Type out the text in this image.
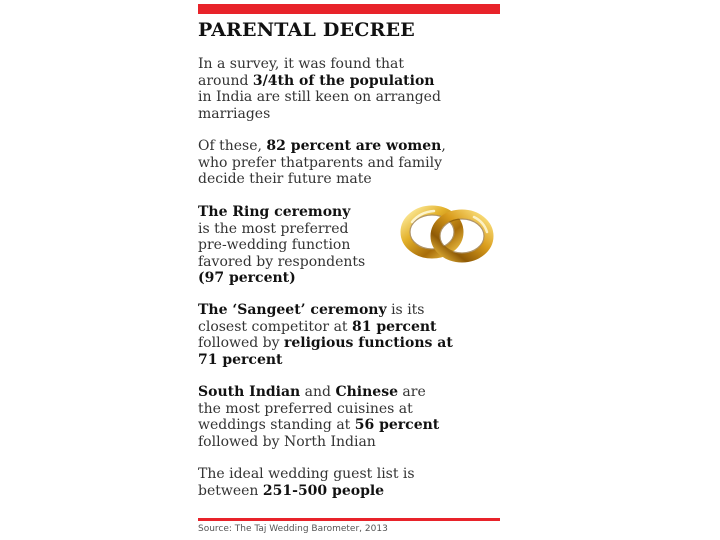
PARENTAL DECREE
In a survey, it was found that
around 3/4th of the population
in India are still keen on arranged
marriages
Of these, 82 percent are women,
who prefer thatparents and family
decide their future mate
The Ring ceremony
is the most preferred
pre-wedding function
favored by respondents
(97 percent)
The ‘Sangeet’ ceremony is its
closest competitor at 81 percent
followed by religious functions at
71 percent
South Indian and Chinese are
the most preferred cuisines at
weddings standing at 56 percent
followed by North Indian
The ideal wedding guest list is
between 251-500 people
Source: The Taj Wedding Barometer, 2013
